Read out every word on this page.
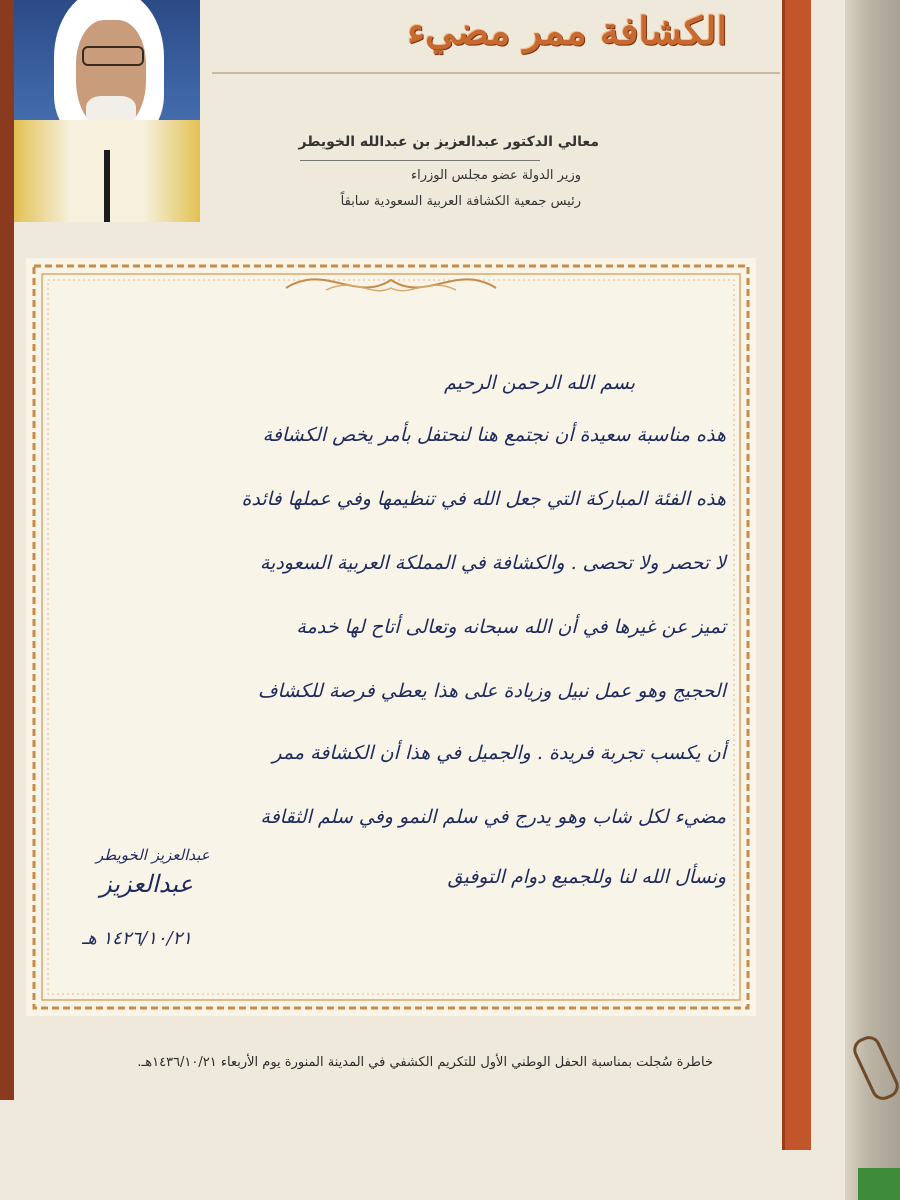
الكشافة ممر مضيء
معالي الدكتور عبدالعزيز بن عبدالله الخويطر
وزير الدولة عضو مجلس الوزراء
رئيس جمعية الكشافة العربية السعودية سابقاً
بسم الله الرحمن الرحيم
هذه مناسبة سعيدة أن نجتمع هنا لنحتفل بأمر يخص الكشافة
هذه الفئة المباركة التي جعل الله في تنظيمها وفي عملها فائدة
لا تحصر ولا تحصى . والكشافة في المملكة العربية السعودية
تميز عن غيرها في أن الله سبحانه وتعالى أتاح لها خدمة
الحجيج وهو عمل نبيل وزيادة على هذا يعطي فرصة للكشاف
أن يكسب تجربة فريدة . والجميل في هذا أن الكشافة ممر
مضيء لكل شاب وهو يدرج في سلم النمو وفي سلم الثقافة
ونسأل الله لنا وللجميع دوام التوفيق
عبدالعزيز الخويطر
عبدالعزيز
١٤٢٦/١٠/٢١ هـ
خاطرة سُجلت بمناسبة الحفل الوطني الأول للتكريم الكشفي في المدينة المنورة يوم الأربعاء ١٤٣٦/١٠/٢١هـ.
